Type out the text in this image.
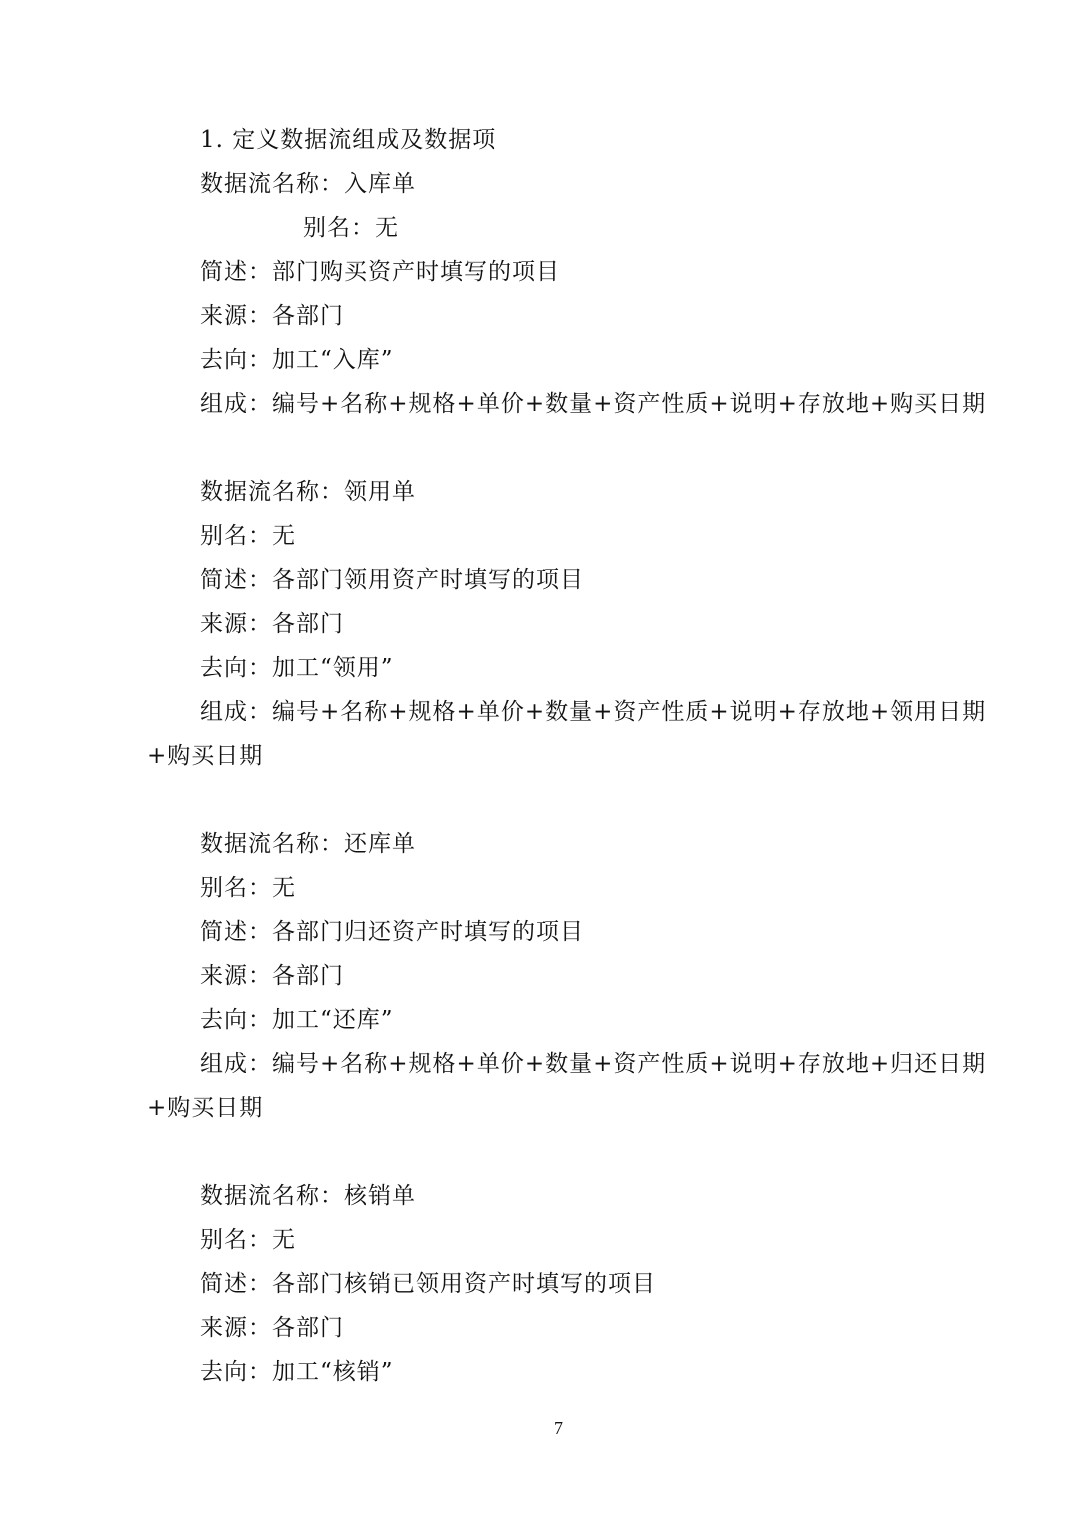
1. 定义数据流组成及数据项

数据流名称：入库单

别名：无

简述：部门购买资产时填写的项目

来源：各部门

去向：加工“入库”

组成：编号+名称+规格+单价+数量+资产性质+说明+存放地+购买日期

数据流名称：领用单

别名：无

简述：各部门领用资产时填写的项目

来源：各部门

去向：加工“领用”

组成：编号+名称+规格+单价+数量+资产性质+说明+存放地+领用日期

+购买日期

数据流名称：还库单

别名：无

简述：各部门归还资产时填写的项目

来源：各部门

去向：加工“还库”

组成：编号+名称+规格+单价+数量+资产性质+说明+存放地+归还日期

+购买日期

数据流名称：核销单

别名：无

简述：各部门核销已领用资产时填写的项目

来源：各部门

去向：加工“核销”

7
